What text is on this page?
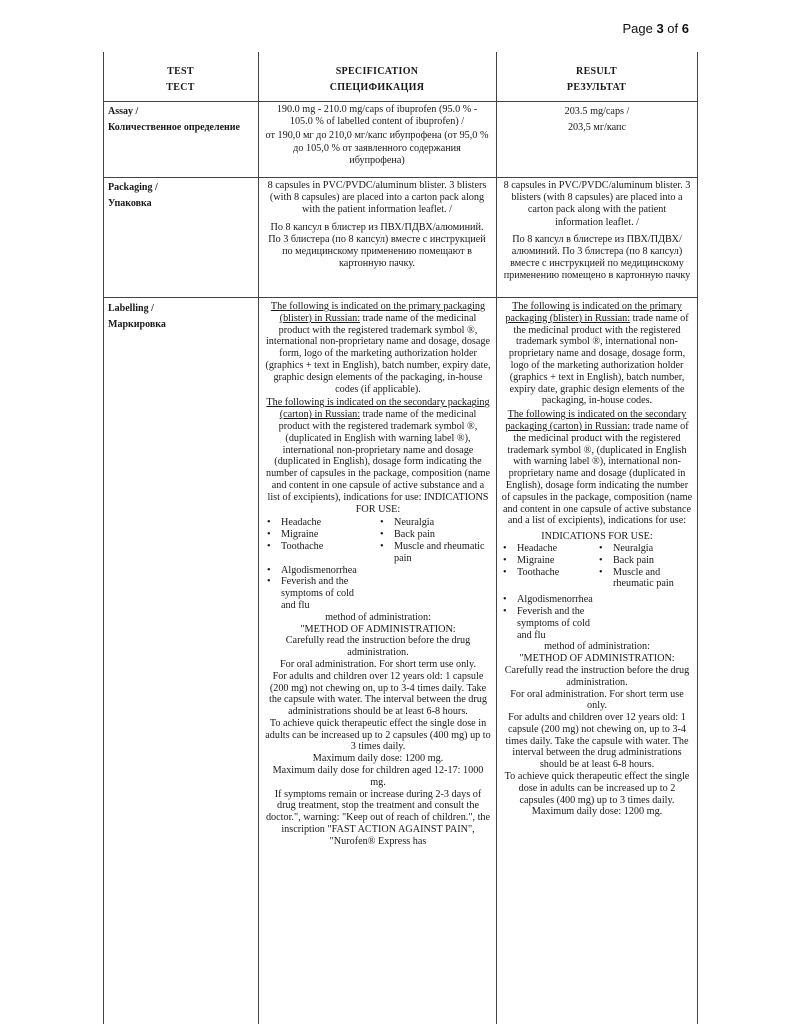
Page 3 of 6
TEST
ТЕСТ
SPECIFICATION
СПЕЦИФИКАЦИЯ
RESULT
РЕЗУЛЬТАТ
Assay /
Количественное определение
190.0 mg - 210.0 mg/caps of ibuprofen (95.0 % - 105.0 % of labelled content of ibuprofen) /
от 190,0 мг до 210,0 мг/капс ибупрофена (от 95,0 % до 105,0 % от заявленного содержания ибупрофена)
203.5 mg/caps /
203,5 мг/капс
Packaging /
Упаковка
8 capsules in PVC/PVDC/aluminum blister. 3 blisters (with 8 capsules) are placed into a carton pack along with the patient information leaflet. /
По 8 капсул в блистер из ПВХ/ПДВХ/алюминий. По 3 блистера (по 8 капсул) вместе с инструкцией по медицинскому применению помещают в картонную пачку.
8 capsules in PVC/PVDC/aluminum blister. 3 blisters (with 8 capsules) are placed into a carton pack along with the patient information leaflet. /
По 8 капсул в блистере из ПВХ/ПДВХ/алюминий. По 3 блистера (по 8 капсул) вместе с инструкцией по медицинскому применению помещено в картонную пачку
Labelling /
Маркировка
The following is indicated on the primary packaging (blister) in Russian: trade name of the medicinal product with the registered trademark symbol ®, international non-proprietary name and dosage, dosage form, logo of the marketing authorization holder (graphics + text in English), batch number, expiry date, graphic design elements of the packaging, in-house codes (if applicable).
The following is indicated on the secondary packaging (carton) in Russian: trade name of the medicinal product with the registered trademark symbol ®, (duplicated in English with warning label ®), international non-proprietary name and dosage (duplicated in English), dosage form indicating the number of capsules in the package, composition (name and content in one capsule of active substance and a list of excipients), indications for use: INDICATIONS FOR USE:
• Headache
• Migraine
• Toothache
• Neuralgia
• Back pain
• Muscle and rheumatic pain
• Algodismenorrhea
• Feverish and the symptoms of cold and flu
method of administration:
"METHOD OF ADMINISTRATION:
Carefully read the instruction before the drug administration.
For oral administration. For short term use only.
For adults and children over 12 years old: 1 capsule (200 mg) not chewing on, up to 3-4 times daily. Take the capsule with water. The interval between the drug administrations should be at least 6-8 hours.
To achieve quick therapeutic effect the single dose in adults can be increased up to 2 capsules (400 mg) up to 3 times daily.
Maximum daily dose: 1200 mg.
Maximum daily dose for children aged 12-17: 1000 mg.
If symptoms remain or increase during 2-3 days of drug treatment, stop the treatment and consult the doctor.", warning: "Keep out of reach of children.", the inscription "FAST ACTION AGAINST PAIN", "Nurofen® Express has
The following is indicated on the primary packaging (blister) in Russian: trade name of the medicinal product with the registered trademark symbol ®, international non-proprietary name and dosage, dosage form, logo of the marketing authorization holder (graphics + text in English), batch number, expiry date, graphic design elements of the packaging, in-house codes.
The following is indicated on the secondary packaging (carton) in Russian: trade name of the medicinal product with the registered trademark symbol ®, (duplicated in English with warning label ®), international non-proprietary name and dosage (duplicated in English), dosage form indicating the number of capsules in the package, composition (name and content in one capsule of active substance and a list of excipients), indications for use:
INDICATIONS FOR USE:
• Headache
• Migraine
• Toothache
• Neuralgia
• Back pain
• Muscle and rheumatic pain
• Algodismenorrhea
• Feverish and the symptoms of cold and flu
method of administration:
"METHOD OF ADMINISTRATION:
Carefully read the instruction before the drug administration.
For oral administration. For short term use only.
For adults and children over 12 years old: 1 capsule (200 mg) not chewing on, up to 3-4 times daily. Take the capsule with water. The interval between the drug administrations should be at least 6-8 hours.
To achieve quick therapeutic effect the single dose in adults can be increased up to 2 capsules (400 mg) up to 3 times daily.
Maximum daily dose: 1200 mg.
